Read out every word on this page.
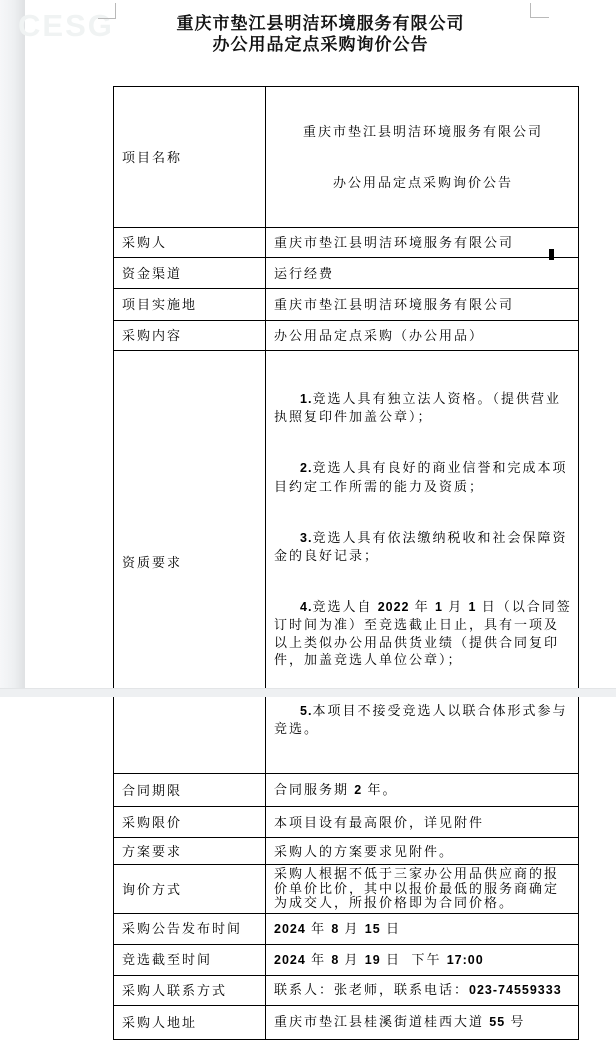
CESG	重庆市垫江县明洁环境服务有限公司
办公用品定点采购询价公告
项目名称	重庆市垫江县明洁环境服务有限公司

办公用品定点采购询价公告

采购人	重庆市垫江县明洁环境服务有限公司
资金渠道	运行经费
项目实施地	重庆市垫江县明洁环境服务有限公司
采购内容	办公用品定点采购（办公用品）
资质要求	1.竞选人具有独立法人资格。（提供营业执照复印件加盖公章）；

2.竞选人具有良好的商业信誉和完成本项目约定工作所需的能力及资质；

3.竞选人具有依法缴纳税收和社会保障资金的良好记录；

4.竞选人自 2022 年 1 月 1 日（以合同签订时间为准）至竞选截止日止，具有一项及以上类似办公用品供货业绩（提供合同复印件，加盖竞选人单位公章）；

5.本项目不接受竞选人以联合体形式参与竞选。

合同期限	合同服务期 2 年。
采购限价	本项目设有最高限价，详见附件
方案要求	采购人的方案要求见附件。
询价方式	采购人根据不低于三家办公用品供应商的报价单价比价，其中以报价最低的服务商确定为成交人，所报价格即为合同价格。
采购公告发布时间	2024 年 8 月 15 日
竞选截至时间	2024 年 8 月 19 日  下午 17:00
采购人联系方式	联系人：张老师，联系电话：023-74559333
采购人地址	重庆市垫江县桂溪街道桂西大道 55 号
